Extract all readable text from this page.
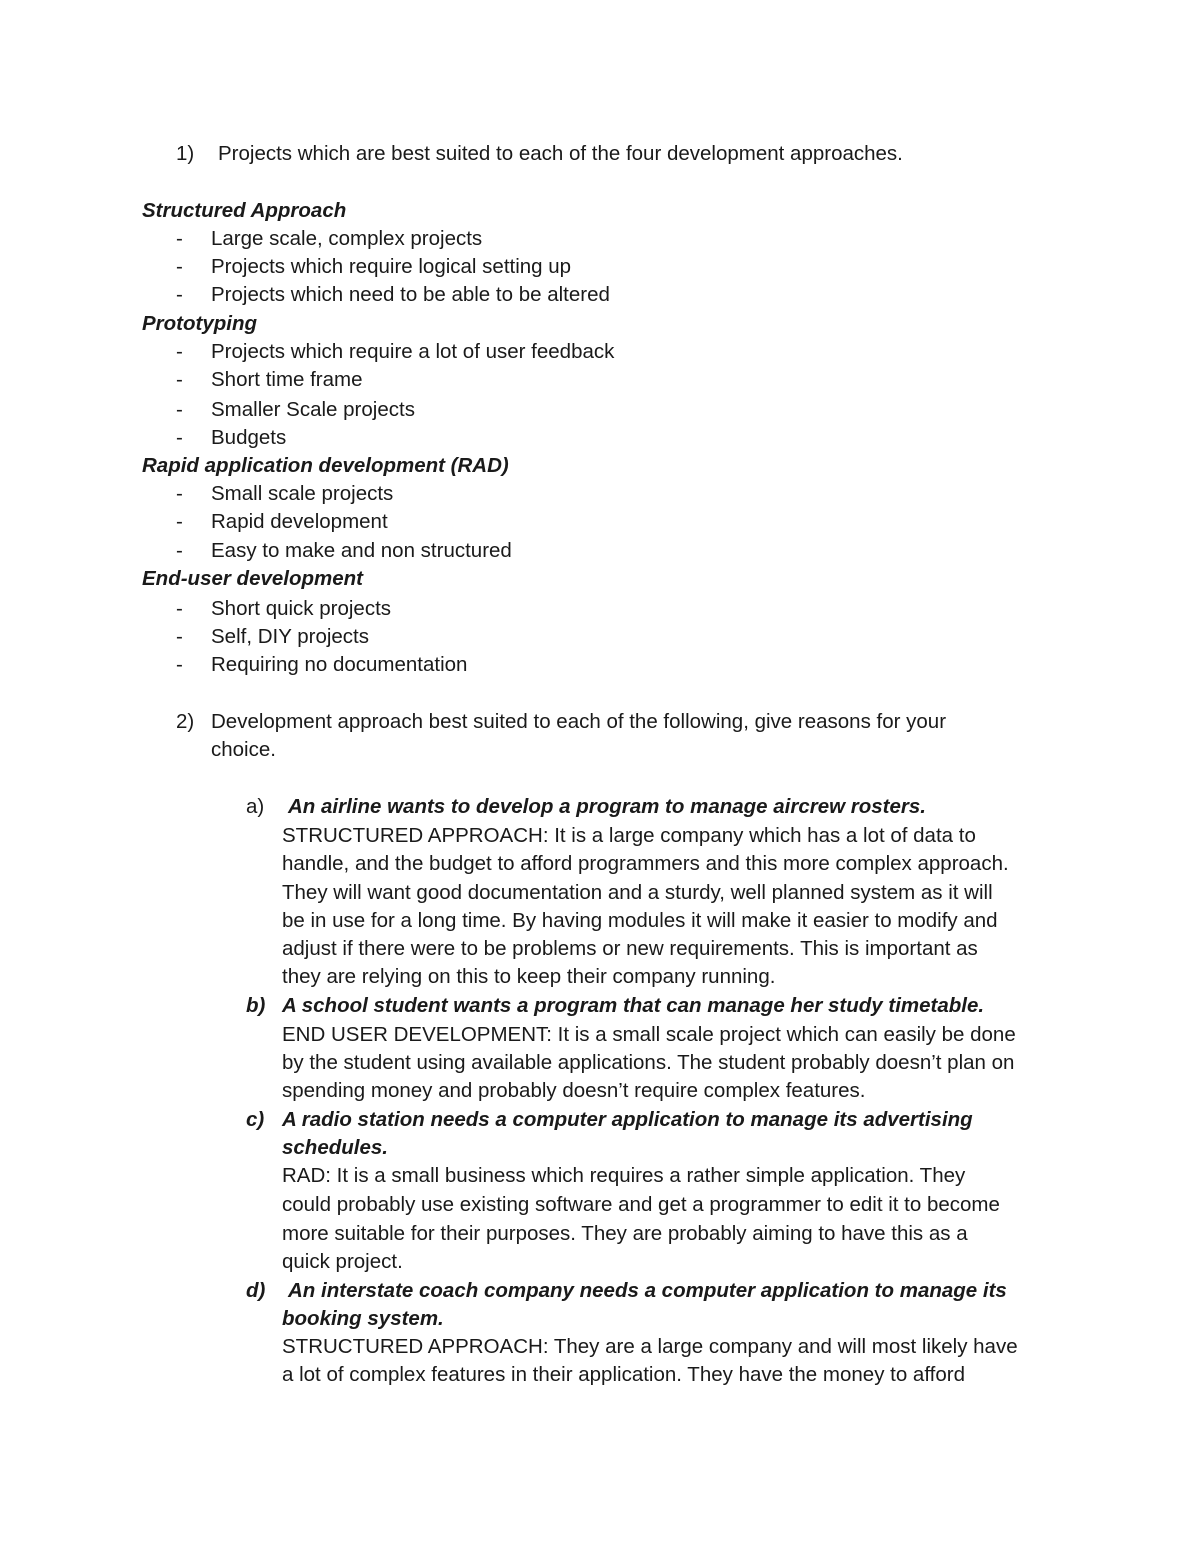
1) Projects which are best suited to each of the four development approaches.
Structured Approach
- Large scale, complex projects
- Projects which require logical setting up
- Projects which need to be able to be altered
Prototyping
- Projects which require a lot of user feedback
- Short time frame
- Smaller Scale projects
- Budgets
Rapid application development (RAD)
- Small scale projects
- Rapid development
- Easy to make and non structured
End-user development
- Short quick projects
- Self, DIY projects
- Requiring no documentation
2) Development approach best suited to each of the following, give reasons for your
choice.
a) An airline wants to develop a program to manage aircrew rosters.
STRUCTURED APPROACH: It is a large company which has a lot of data to
handle, and the budget to afford programmers and this more complex approach.
They will want good documentation and a sturdy, well planned system as it will
be in use for a long time. By having modules it will make it easier to modify and
adjust if there were to be problems or new requirements. This is important as
they are relying on this to keep their company running.
b) A school student wants a program that can manage her study timetable.
END USER DEVELOPMENT: It is a small scale project which can easily be done
by the student using available applications. The student probably doesn’t plan on
spending money and probably doesn’t require complex features.
c) A radio station needs a computer application to manage its advertising
schedules.
RAD: It is a small business which requires a rather simple application. They
could probably use existing software and get a programmer to edit it to become
more suitable for their purposes. They are probably aiming to have this as a
quick project.
d) An interstate coach company needs a computer application to manage its
booking system.
STRUCTURED APPROACH: They are a large company and will most likely have
a lot of complex features in their application. They have the money to afford
